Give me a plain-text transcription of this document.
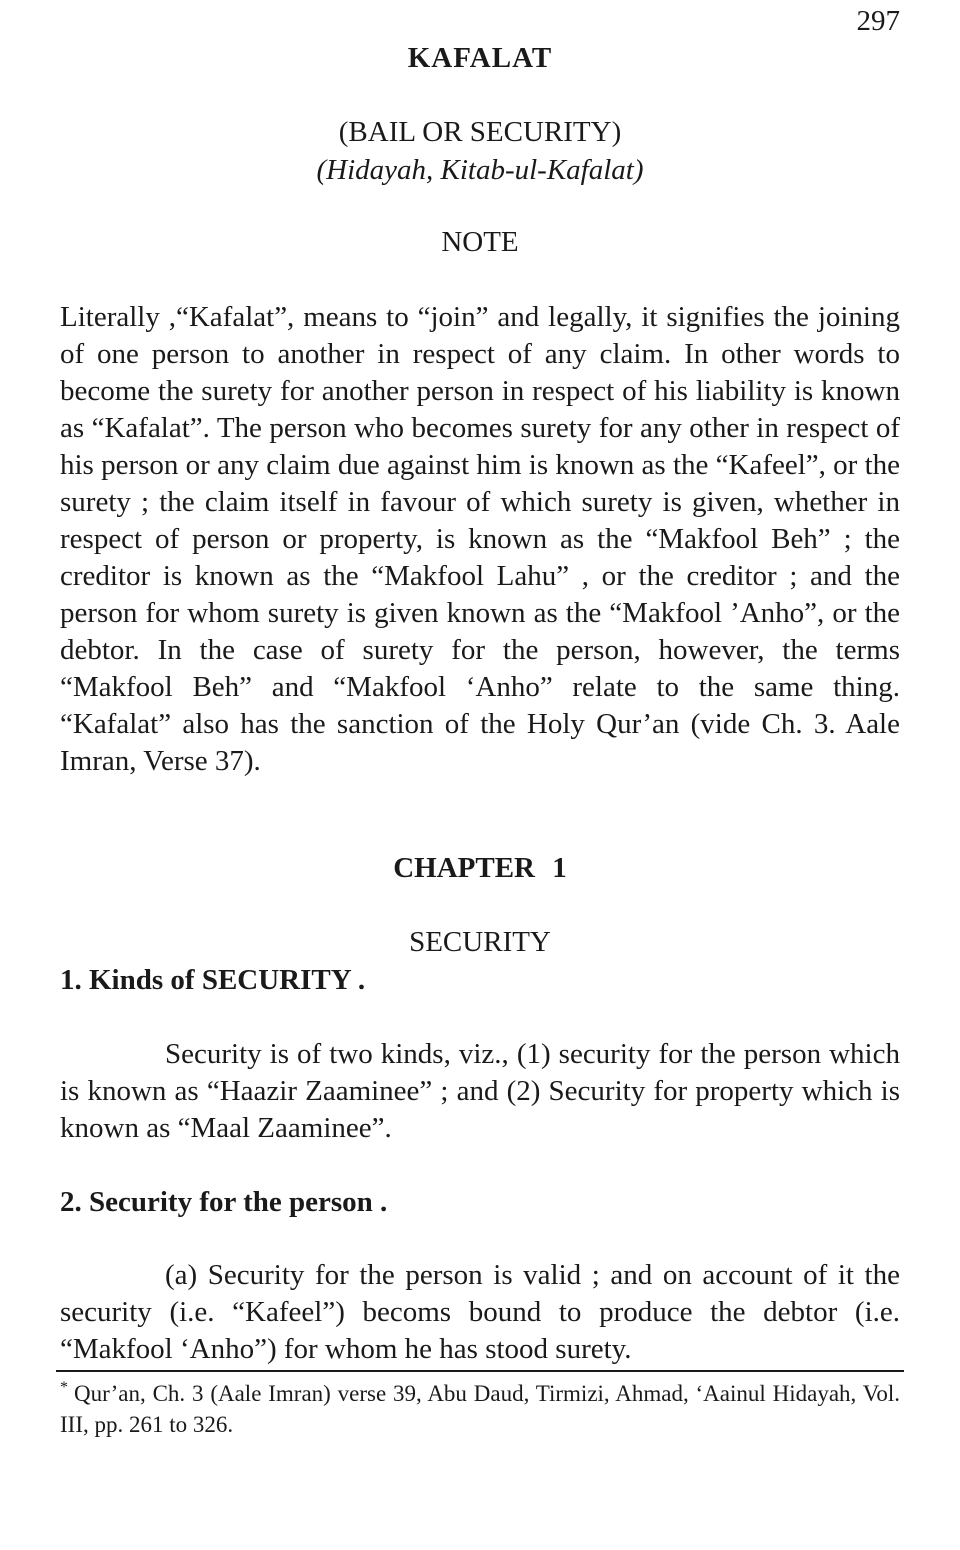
297
KAFALAT
(BAIL OR SECURITY)
(Hidayah, Kitab-ul-Kafalat)
NOTE

Literally ,“Kafalat”, means to “join” and legally, it signifies the joining of one person to another in respect of any claim. In other words to become the surety for another person in respect of his liability is known as “Kafalat”. The person who becomes surety for any other in respect of his person or any claim due against him is known as the “Kafeel”, or the surety ; the claim itself in favour of which surety is given, whether in respect of person or property, is known as the “Makfool Beh” ; the creditor is known as the “Makfool Lahu” , or the creditor ; and the person for whom surety is given known as the “Makfool ’Anho”, or the debtor. In the case of surety for the person, however, the terms “Makfool Beh” and “Makfool ‘Anho” relate to the same thing. “Kafalat” also has the sanction of the Holy Qur’an (vide Ch. 3. Aale Imran, Verse 37).

CHAPTER 1
SECURITY
1. Kinds of SECURITY .

Security is of two kinds, viz., (1) security for the person which is known as “Haazir Zaaminee” ; and (2) Security for property which is known as “Maal Zaaminee”.

2. Security for the person .

(a) Security for the person is valid ; and on account of it the security (i.e. “Kafeel”) becoms bound to produce the debtor (i.e. “Makfool ‘Anho”) for whom he has stood surety.

* Qur’an, Ch. 3 (Aale Imran) verse 39, Abu Daud, Tirmizi, Ahmad, ‘Aainul Hidayah, Vol. III, pp. 261 to 326.
